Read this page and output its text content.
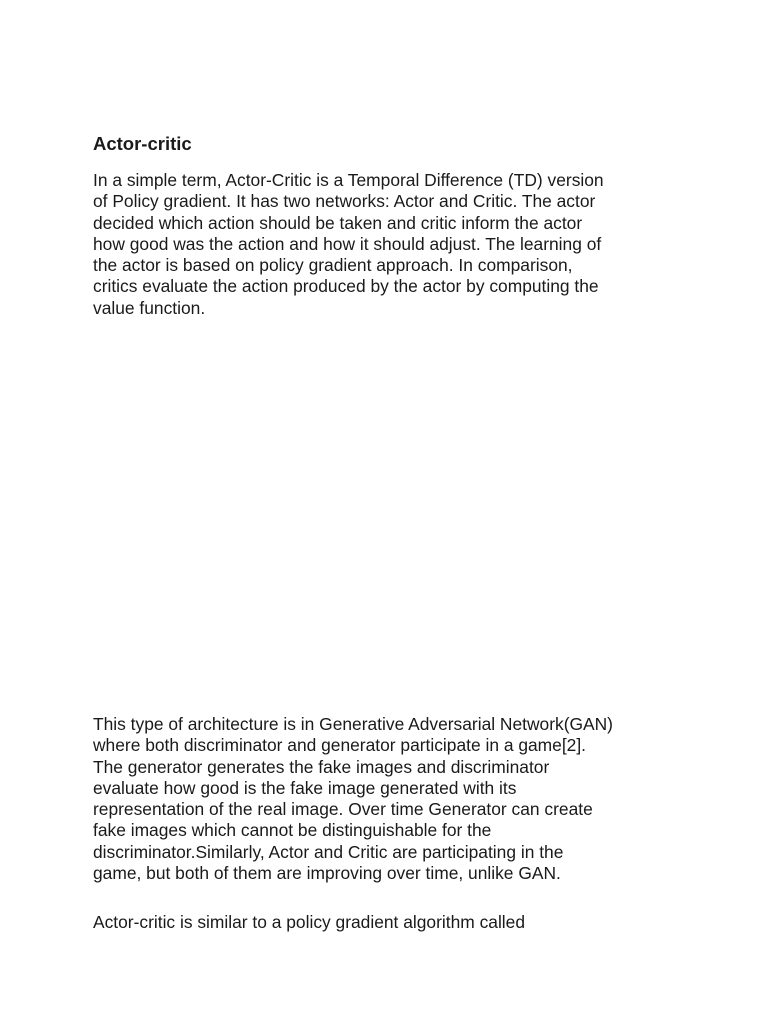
Actor-critic

In a simple term, Actor-Critic is a Temporal Difference (TD) version
of Policy gradient. It has two networks: Actor and Critic. The actor
decided which action should be taken and critic inform the actor
how good was the action and how it should adjust. The learning of
the actor is based on policy gradient approach. In comparison,
critics evaluate the action produced by the actor by computing the
value function.

This type of architecture is in Generative Adversarial Network(GAN)
where both discriminator and generator participate in a game[2].
The generator generates the fake images and discriminator
evaluate how good is the fake image generated with its
representation of the real image. Over time Generator can create
fake images which cannot be distinguishable for the
discriminator.Similarly, Actor and Critic are participating in the
game, but both of them are improving over time, unlike GAN.

Actor-critic is similar to a policy gradient algorithm called
